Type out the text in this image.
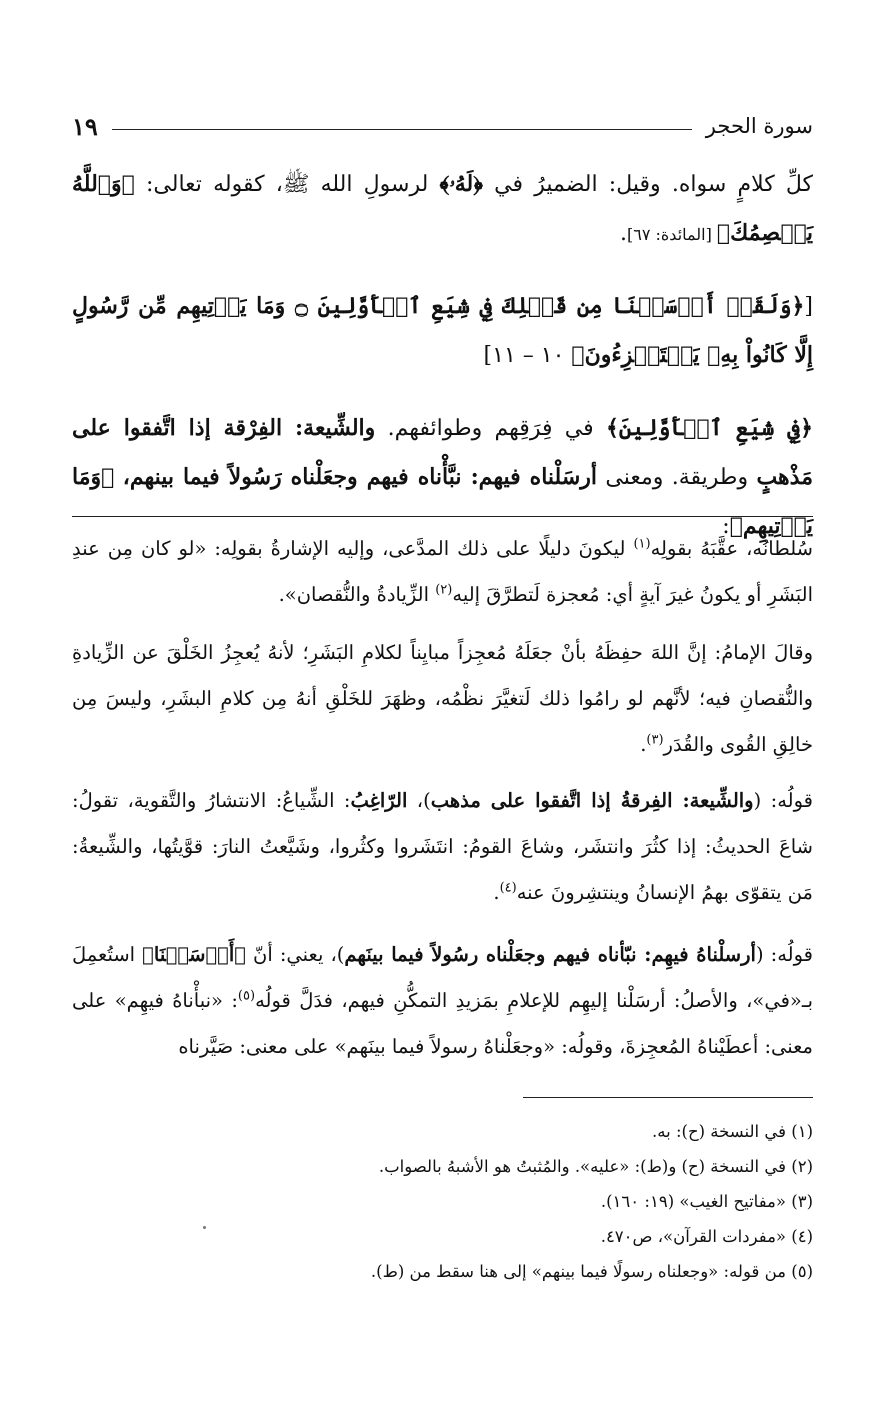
سورة الحجر
١٩

كلِّ كلامٍ سواه. وقيل: الضميرُ في ﴿لَهُۥ﴾ لرسولِ الله ﷺ، كقوله تعالى: ﴿وَٱللَّهُ يَعۡصِمُكَ﴾ [المائدة: ٦٧].

[﴿وَلَقَدۡ أَرۡسَلۡنَا مِن قَبۡلِكَ فِي شِيَعِ ٱلۡأَوَّلِينَ ۝ وَمَا يَأۡتِيهِم مِّن رَّسُولٍ إِلَّا كَانُواْ بِهِۦ يَسۡتَهۡزِءُونَ﴾ ١٠ – ١١]

﴿فِي شِيَعِ ٱلۡأَوَّلِينَ﴾ في فِرَقِهم وطوائفهم. والشِّيعة: الفِرْقة إذا اتَّفقوا على مَذْهبٍ وطريقة. ومعنى أرسَلْناه فيهم: نبَّأْناه فيهم وجعَلْناه رَسُولاً فيما بينهم، ﴿وَمَا يَأۡتِيهِم﴾:

سُلطانُه، عقَّبَهُ بقولِه$^{(١)}$ ليكونَ دليلًا على ذلك المدَّعى، وإليه الإشارةُ بقولِه: «لو كان مِن عندِ البَشَرِ أو يكونُ غيرَ آيةٍ أي: مُعجزة لَتطرَّقَ إليه$^{(٢)}$ الزِّيادةُ والنُّقصان».

وقالَ الإمامُ: إنَّ اللهَ حفِظَهُ بأنْ جعَلَهُ مُعجِزاً مبايِناً لكلامِ البَشَرِ؛ لأنهُ يُعجِزُ الخَلْقَ عن الزِّيادةِ والنُّقصانِ فيه؛ لأنَّهم لو رامُوا ذلك لَتغيَّرَ نظْمُه، وظهَرَ للخَلْقِ أنهُ مِن كلامِ البشَرِ، وليسَ مِن خالِقِ القُوى والقُدَر$^{(٣)}$.

قولُه: (والشِّيعة: الفِرقةُ إذا اتَّفقوا على مذهب)، الرّاغِبُ: الشِّياعُ: الانتشارُ والتَّقوية، تقولُ: شاعَ الحديثُ: إذا كثُرَ وانتشَر، وشاعَ القومُ: انتَشَروا وكثُروا، وشَيَّعتُ النارَ: قوَّيتُها، والشِّيعةُ: مَن يتقوّى بهمُ الإنسانُ وينتشِرونَ عنه$^{(٤)}$.

قولُه: (أرسلْناهُ فيهِم: نبّأناه فيهم وجعَلْناه رسُولاً فيما بينَهم)، يعني: أنّ ﴿أَرۡسَلۡنَا﴾ استُعمِلَ بـ«في»، والأصلُ: أرسَلْنا إليهِم للإعلامِ بمَزيدِ التمكُّنِ فيهم، فدَلَّ قولُه$^{(٥)}$: «نبأْناهُ فيهِم» على معنى: أعطَيْناهُ المُعجِزةَ، وقولُه: «وجعَلْناهُ رسولاً فيما بينَهم» على معنى: صَيَّرناه

(١) في النسخة (ح): به.
(٢) في النسخة (ح) و(ط): «عليه». والمُثبتُ هو الأشبهُ بالصواب.
(٣) «مفاتيح الغيب» (١٩: ١٦٠).
(٤) «مفردات القرآن»، ص٤٧٠.
(٥) من قوله: «وجعلناه رسولًا فيما بينهم» إلى هنا سقط من (ط).
